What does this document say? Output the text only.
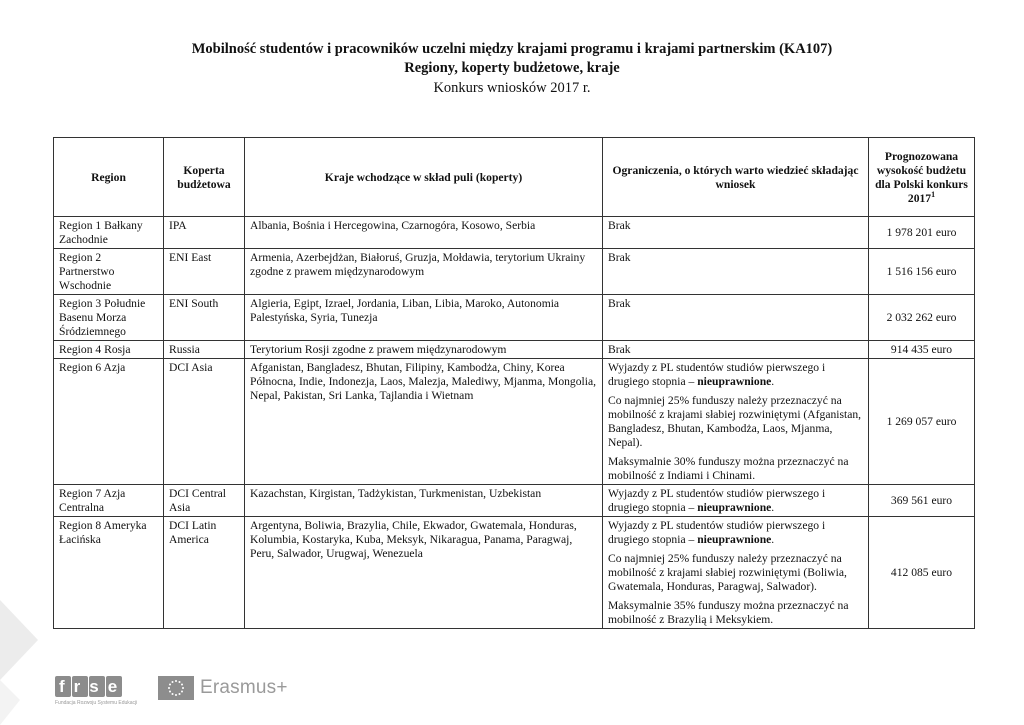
Mobilność studentów i pracowników uczelni między krajami programu i krajami partnerskim (KA107)
Regiony, koperty budżetowe, kraje
Konkurs wniosków 2017 r.
Region	Koperta budżetowa	Kraje wchodzące w skład puli (koperty)	Ograniczenia, o których warto wiedzieć składając wniosek	Prognozowana wysokość budżetu dla Polski konkurs 2017$^1$
Region 1 Bałkany Zachodnie	IPA	Albania, Bośnia i Hercegowina, Czarnogóra, Kosowo, Serbia	Brak	1 978 201 euro
Region 2 Partnerstwo Wschodnie	ENI East	Armenia, Azerbejdżan, Białoruś, Gruzja, Mołdawia, terytorium Ukrainy zgodne z prawem międzynarodowym	Brak	1 516 156 euro
Region 3 Południe Basenu Morza Śródziemnego	ENI South	Algieria, Egipt, Izrael, Jordania, Liban, Libia, Maroko, Autonomia Palestyńska, Syria, Tunezja	Brak	2 032 262 euro
Region 4 Rosja	Russia	Terytorium Rosji zgodne z prawem międzynarodowym	Brak	914 435 euro
Region 6 Azja	DCI Asia	Afganistan, Bangladesz, Bhutan, Filipiny, Kambodża, Chiny, Korea Północna, Indie, Indonezja, Laos, Malezja, Malediwy, Mjanma, Mongolia, Nepal, Pakistan, Sri Lanka, Tajlandia i Wietnam	Wyjazdy z PL studentów studiów pierwszego i drugiego stopnia – nieuprawnione.

Co najmniej 25% funduszy należy przeznaczyć na mobilność z krajami słabiej rozwiniętymi (Afganistan, Bangladesz, Bhutan, Kambodża, Laos, Mjanma, Nepal).

Maksymalnie 30% funduszy można przeznaczyć na mobilność z Indiami i Chinami.	1 269 057 euro
Region 7 Azja Centralna	DCI Central Asia	Kazachstan, Kirgistan, Tadżykistan, Turkmenistan, Uzbekistan	Wyjazdy z PL studentów studiów pierwszego i drugiego stopnia – nieuprawnione.	369 561 euro
Region 8 Ameryka Łacińska	DCI Latin America	Argentyna, Boliwia, Brazylia, Chile, Ekwador, Gwatemala, Honduras, Kolumbia, Kostaryka, Kuba, Meksyk, Nikaragua, Panama, Paragwaj, Peru, Salwador, Urugwaj, Wenezuela	Wyjazdy z PL studentów studiów pierwszego i drugiego stopnia – nieuprawnione.

Co najmniej 25% funduszy należy przeznaczyć na mobilność z krajami słabiej rozwiniętymi (Boliwia, Gwatemala, Honduras, Paragwaj, Salwador).

Maksymalnie 35% funduszy można przeznaczyć na mobilność z Brazylią i Meksykiem.	412 085 euro
frse
Fundacja Rozwoju Systemu Edukacji
Erasmus+
